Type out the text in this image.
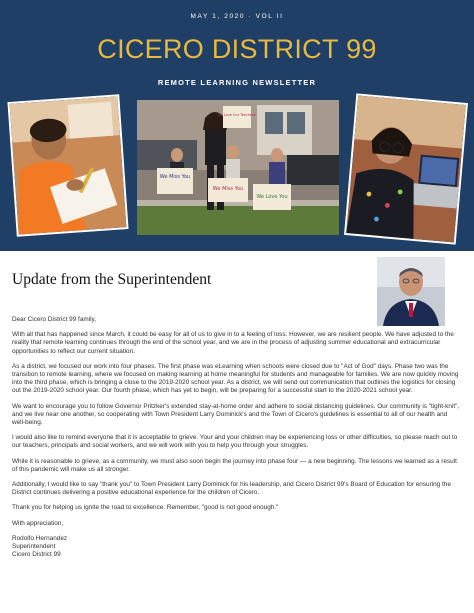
MAY 1, 2020 · VOL II
CICERO DISTRICT 99
REMOTE LEARNING NEWSLETTER
We Miss You
We Miss You
We Love You
We Love Our Teachers!
Update from the Superintendent

Dear Cicero District 99 family,

With all that has happened since March, it could be easy for all of us to give in to a feeling of loss. However, we are resilient people. We have adjusted to the reality that remote learning continues through the end of the school year, and we are in the process of adjusting summer educational and extracurricular opportunities to reflect our current situation.

As a district, we focused our work into four phases. The first phase was eLearning when schools were closed due to "Act of God" days. Phase two was the transition to remote learning, where we focused on making learning at home meaningful for students and manageable for families. We are now quickly moving into the third phase, which is bringing a close to the 2019-2020 school year. As a district, we will send out communication that outlines the logistics for closing out the 2019-2020 school year. Our fourth phase, which has yet to begin, will be preparing for a successful start to the 2020-2021 school year.

We want to encourage you to follow Governor Pritzker's extended stay-at-home order and adhere to social distancing guidelines. Our community is "tight-knit", and we live near one another, so cooperating with Town President Larry Dominick's and the Town of Cicero's guidelines is essential to all of our health and well-being.

I would also like to remind everyone that it is acceptable to grieve. Your and your children may be experiencing loss or other difficulties, so please reach out to our teachers, principals and social workers, and we will work with you to help you through your struggles.

While it is reasonable to grieve, as a community, we must also soon begin the journey into phase four — a new beginning. The lessons we learned as a result of this pandemic will make us all stronger.

Additionally, I would like to say "thank you" to Town President Larry Dominick for his leadership, and Cicero District 99's Board of Education for ensuring the District continues delivering a positive educational experience for the children of Cicero.

Thank you for helping us ignite the road to excellence. Remember, "good is not good enough."

With appreciation,

Rodolfo Hernandez
Superintendent
Cicero District 99
